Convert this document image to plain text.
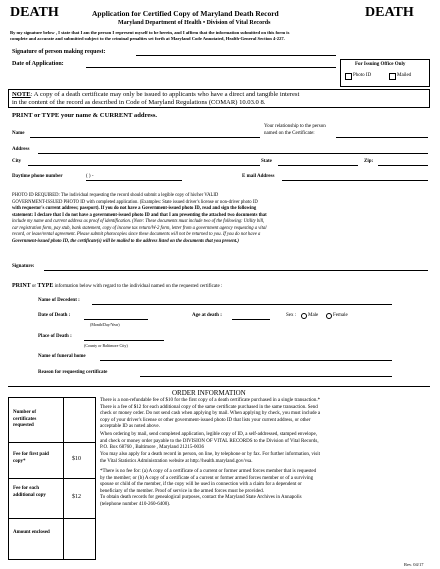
DEATH	DEATH
Application for Certified Copy of Maryland Death Record
Maryland Department of Health • Division of Vital Records
By my signature below , I state that I am the person I represent myself to be herein, and I affirm that the information submitted on this form is
complete and accurate and submitted subject to the criminal penalties set forth at Maryland Code Annotated, Health-General Section 4-227.
Signature of person making request:
Date of Application:	For Issuing Office Only
Photo ID	Mailed
NOTE: A copy of a death certificate may only be issued to applicants who have a direct and tangible interest
in the content of the record as described in Code of Maryland Regulations (COMAR) 10.03.0 8.
PRINT or TYPE your name & CURRENT address.
Your relationship to the person
named on the Certificate:
Name
Address
City	State	Zip:
Daytime phone number	( ) -	E mail Address
PHOTO ID REQUIRED: The individual requesting the record should submit a legible copy of his/her VALID
GOVERNMENT-ISSUED PHOTO ID with completed application. (Examples: State issued driver's license or non-driver photo ID
with requestor's current address; passport). If you do not have a Government-issued photo ID, read and sign the following
statement: I declare that I do not have a government-issued photo ID and that I am presenting the attached two documents that
include my name and current address as proof of identification. (Note: These documents must include two of the following: Utility bill,
car registration form, pay stub, bank statement, copy of income tax return/W-2 form, letter from a government agency requesting a vital
record, or lease/rental agreement. Please submit photocopies since these documents will not be returned to you. If you do not have a
Government-issued photo ID, the certificate(s) will be mailed to the address listed on the documents that you present.)
Signature:
PRINT or TYPE information below with regard to the individual named on the requested certificate :
Name of Decedent :
Date of Death :
(Month/Day/Year)
Age at death :	Sex : Male	Female
Place of Death :
(County or Baltimore City)
Name of funeral home
Reason for requesting certificate
ORDER INFORMATION
Number of certificates requested
Fee for first paid copy*	$10
Fee for each additional copy	$12
Amount enclosed
There is a non-refundable fee of $10 for the first copy of a death certificate purchased in a single transaction.*
There is a fee of $12 for each additional copy of the same certificate purchased in the same transaction. Send
check or money order. Do not send cash when applying by mail. When applying by check, you must include a
copy of your driver's license or other government-issued photo ID that lists your current address, or other
acceptable ID as noted above.
When ordering by mail, send completed application, legible copy of ID, a self-addressed, stamped envelope,
and check or money order payable to the DIVISION OF VITAL RECORDS to the Division of Vital Records,
P.O. Box 68760 , Baltimore , Maryland 21215-0036
You may also apply for a death record in person, on line, by telephone or by fax. For further information, visit
the Vital Statistics Administration website at http://health.maryland.gov/vsa.
*There is no fee for: (a) A copy of a certificate of a current or former armed forces member that is requested
by the member; or (b) A copy of a certificate of a current or former armed forces member or of a surviving
spouse or child of the member, if the copy will be used in connection with a claim for a dependent or
beneficiary of the member. Proof of service in the armed forces must be provided.
To obtain death records for genealogical purposes, contact the Maryland State Archives in Annapolis
(telephone number 410-260-6400).
Rev. 04/17
